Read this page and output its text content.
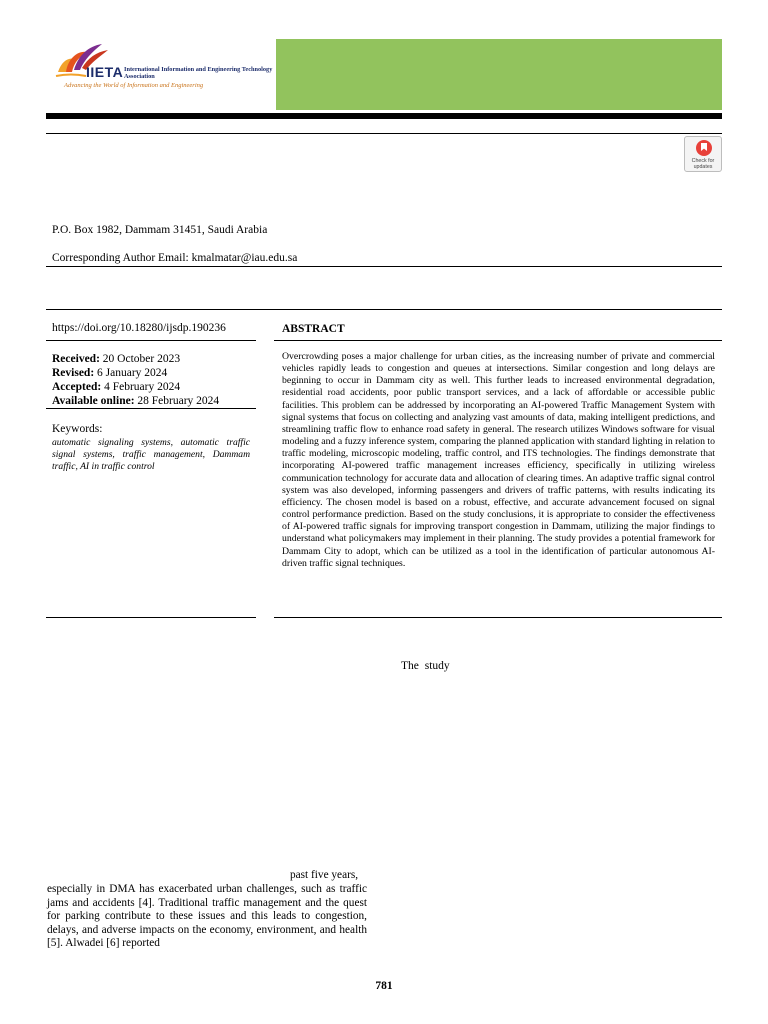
IIETA International Information and Engineering Technology Association
Advancing the World of Information and Engineering
Check for updates
P.O. Box 1982, Dammam 31451, Saudi Arabia
Corresponding Author Email: kmalmatar@iau.edu.sa
https://doi.org/10.18280/ijsdp.190236
Received: 20 October 2023
Revised: 6 January 2024
Accepted: 4 February 2024
Available online: 28 February 2024
Keywords:
automatic signaling systems, automatic traffic signal systems, traffic management, Dammam traffic, AI in traffic control
ABSTRACT
Overcrowding poses a major challenge for urban cities, as the increasing number of private and commercial vehicles rapidly leads to congestion and queues at intersections. Similar congestion and long delays are beginning to occur in Dammam city as well. This further leads to increased environmental degradation, residential road accidents, poor public transport services, and a lack of affordable or accessible public facilities. This problem can be addressed by incorporating an AI-powered Traffic Management System with signal systems that focus on collecting and analyzing vast amounts of data, making intelligent predictions, and streamlining traffic flow to enhance road safety in general. The research utilizes Windows software for visual modeling and a fuzzy inference system, comparing the planned application with standard lighting in relation to traffic modeling, microscopic modeling, traffic control, and ITS technologies. The findings demonstrate that incorporating AI-powered traffic management increases efficiency, specifically in utilizing wireless communication technology for accurate data and allocation of clearing times. An adaptive traffic signal control system was also developed, informing passengers and drivers of traffic patterns, with results indicating its efficiency. The chosen model is based on a robust, effective, and accurate advancement focused on signal control performance prediction. Based on the study conclusions, it is appropriate to consider the effectiveness of AI-powered traffic signals for improving transport congestion in Dammam, utilizing the major findings to understand what policymakers may implement in their planning. The study provides a potential framework for Dammam City to adopt, which can be utilized as a tool in the identification of particular autonomous AI-driven traffic signal techniques.
The study
past five years,
especially in DMA has exacerbated urban challenges, such as traffic jams and accidents [4]. Traditional traffic management and the quest for parking contribute to these issues and this leads to congestion, delays, and adverse impacts on the economy, environment, and health [5]. Alwadei [6] reported
781
